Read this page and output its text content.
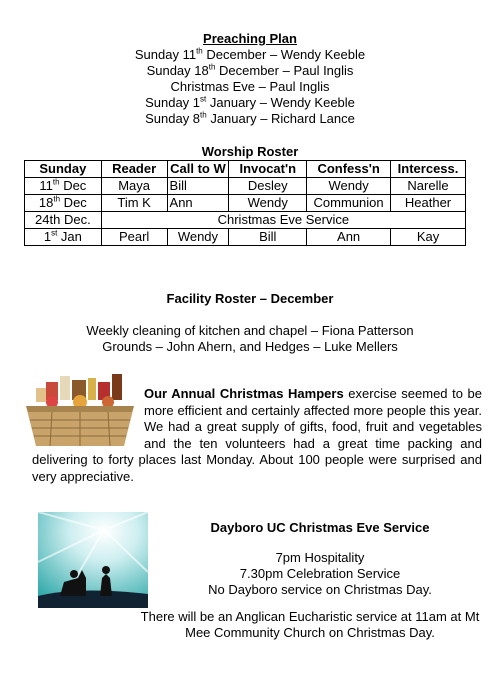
Preaching Plan
Sunday 11th December – Wendy Keeble
Sunday 18th December – Paul Inglis
Christmas Eve – Paul Inglis
Sunday 1st January – Wendy Keeble
Sunday 8th January – Richard Lance
Worship Roster
Sunday	Reader	Call to W	Invocat'n	Confess'n	Intercess.
11th Dec	Maya	Bill	Desley	Wendy	Narelle
18th Dec	Tim K	Ann	Wendy	Communion	Heather
24th Dec.	Christmas Eve Service				
1st Jan	Pearl	Wendy	Bill	Ann	Kay
Facility Roster – December
Weekly cleaning of kitchen and chapel – Fiona Patterson
Grounds – John Ahern, and Hedges – Luke Mellers
Our Annual Christmas Hampers exercise seemed to be more efficient and certainly affected more people this year. We had a great supply of gifts, food, fruit and vegetables and the ten volunteers had a great time packing and delivering to forty places last Monday. About 100 people were surprised and very appreciative.
Dayboro UC Christmas Eve Service
7pm Hospitality
7.30pm Celebration Service
No Dayboro service on Christmas Day.
There will be an Anglican Eucharistic service at 11am at Mt Mee Community Church on Christmas Day.
